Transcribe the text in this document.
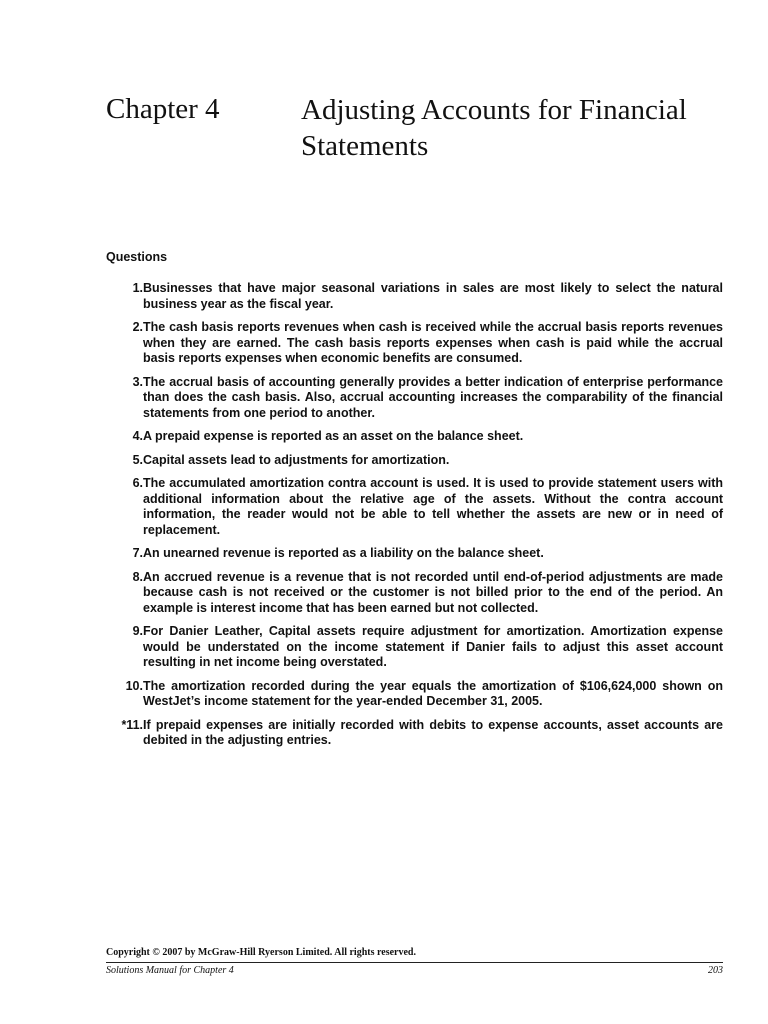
Chapter 4	Adjusting Accounts for Financial Statements
Questions
1. Businesses that have major seasonal variations in sales are most likely to select the natural business year as the fiscal year.
2. The cash basis reports revenues when cash is received while the accrual basis reports revenues when they are earned. The cash basis reports expenses when cash is paid while the accrual basis reports expenses when economic benefits are consumed.
3. The accrual basis of accounting generally provides a better indication of enterprise performance than does the cash basis. Also, accrual accounting increases the comparability of the financial statements from one period to another.
4. A prepaid expense is reported as an asset on the balance sheet.
5. Capital assets lead to adjustments for amortization.
6. The accumulated amortization contra account is used. It is used to provide statement users with additional information about the relative age of the assets. Without the contra account information, the reader would not be able to tell whether the assets are new or in need of replacement.
7. An unearned revenue is reported as a liability on the balance sheet.
8. An accrued revenue is a revenue that is not recorded until end-of-period adjustments are made because cash is not received or the customer is not billed prior to the end of the period. An example is interest income that has been earned but not collected.
9. For Danier Leather, Capital assets require adjustment for amortization. Amortization expense would be understated on the income statement if Danier fails to adjust this asset account resulting in net income being overstated.
10. The amortization recorded during the year equals the amortization of $106,624,000 shown on WestJet’s income statement for the year-ended December 31, 2005.
*11. If prepaid expenses are initially recorded with debits to expense accounts, asset accounts are debited in the adjusting entries.
Copyright © 2007 by McGraw-Hill Ryerson Limited. All rights reserved.
Solutions Manual for Chapter 4	203
